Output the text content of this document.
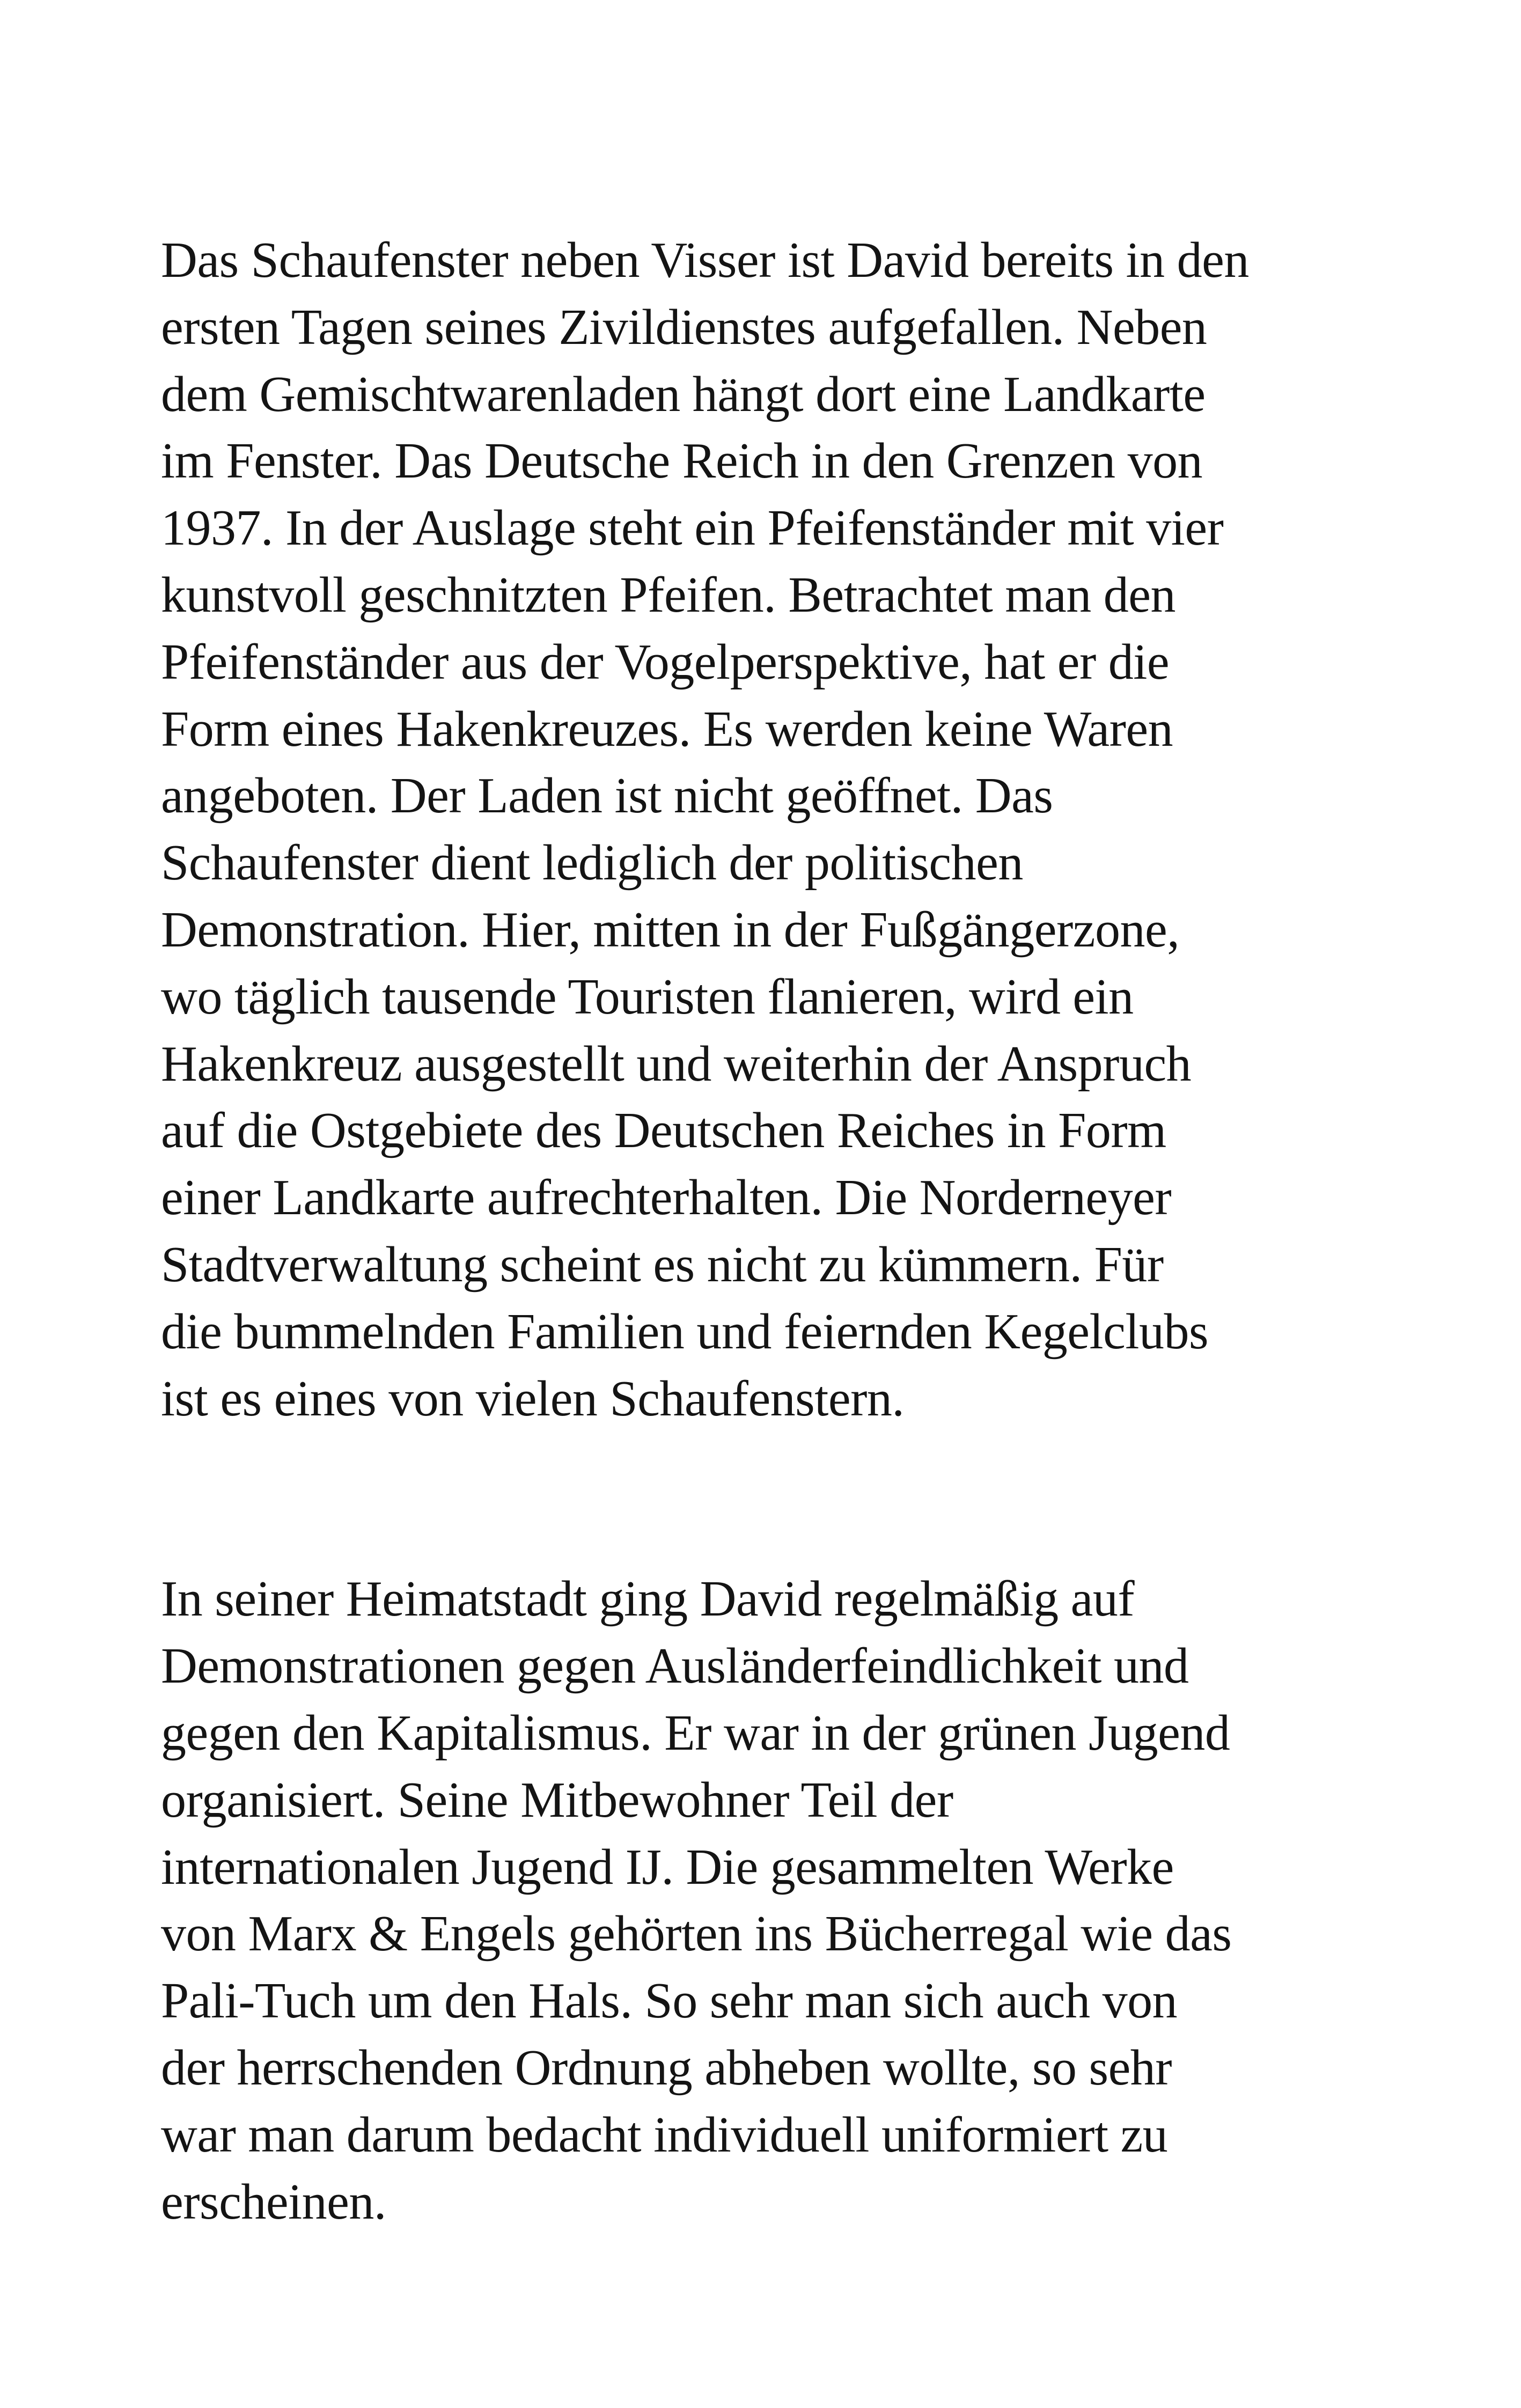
Das Schaufenster neben Visser ist David bereits in den
ersten Tagen seines Zivildienstes aufgefallen. Neben
dem Gemischtwarenladen hängt dort eine Landkarte
im Fenster. Das Deutsche Reich in den Grenzen von
1937. In der Auslage steht ein Pfeifenständer mit vier
kunstvoll geschnitzten Pfeifen. Betrachtet man den
Pfeifenständer aus der Vogelperspektive, hat er die
Form eines Hakenkreuzes. Es werden keine Waren
angeboten. Der Laden ist nicht geöffnet. Das
Schaufenster dient lediglich der politischen
Demonstration. Hier, mitten in der Fußgängerzone,
wo täglich tausende Touristen flanieren, wird ein
Hakenkreuz ausgestellt und weiterhin der Anspruch
auf die Ostgebiete des Deutschen Reiches in Form
einer Landkarte aufrechterhalten. Die Norderneyer
Stadtverwaltung scheint es nicht zu kümmern. Für
die bummelnden Familien und feiernden Kegelclubs
ist es eines von vielen Schaufenstern.
In seiner Heimatstadt ging David regelmäßig auf
Demonstrationen gegen Ausländerfeindlichkeit und
gegen den Kapitalismus. Er war in der grünen Jugend
organisiert. Seine Mitbewohner Teil der
internationalen Jugend IJ. Die gesammelten Werke
von Marx & Engels gehörten ins Bücherregal wie das
Pali-Tuch um den Hals. So sehr man sich auch von
der herrschenden Ordnung abheben wollte, so sehr
war man darum bedacht individuell uniformiert zu
erscheinen.
